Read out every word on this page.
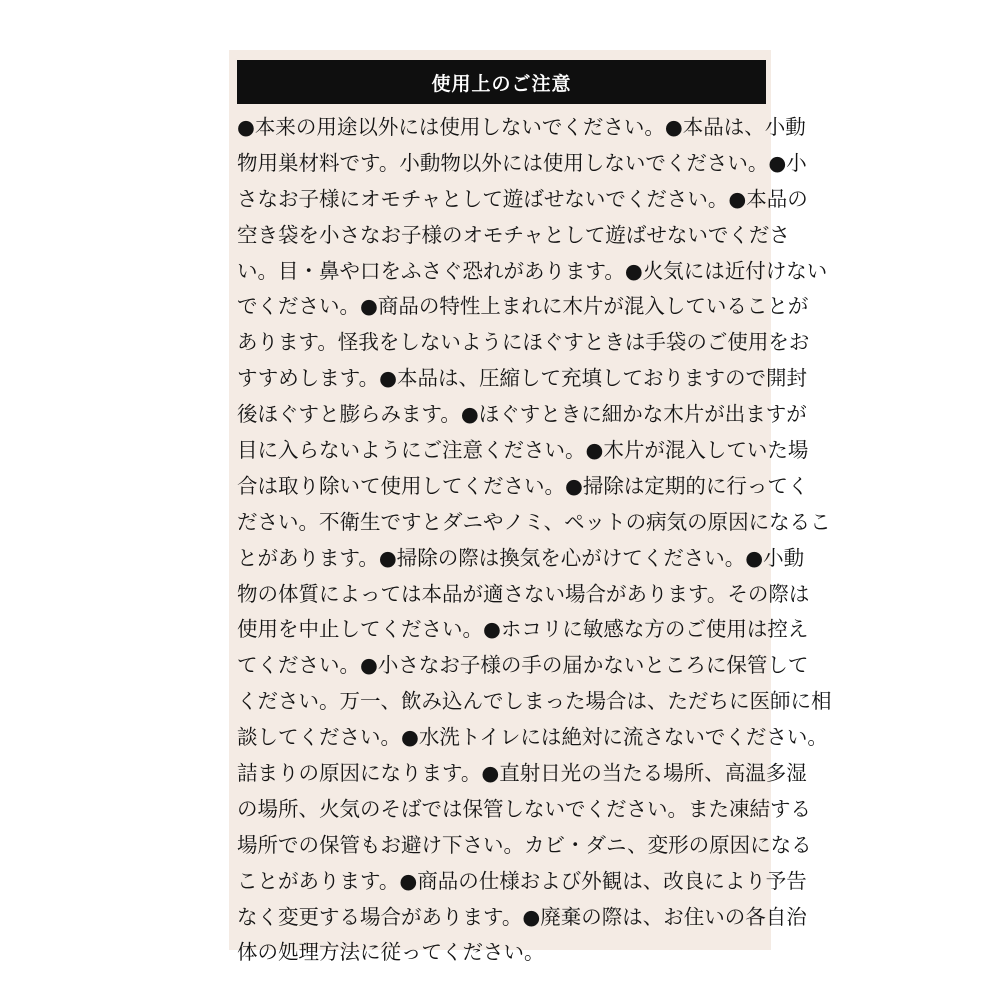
使用上のご注意
●本来の用途以外には使用しないでください。●本品は、小動
物用巣材料です。小動物以外には使用しないでください。●小
さなお子様にオモチャとして遊ばせないでください。●本品の
空き袋を小さなお子様のオモチャとして遊ばせないでくださ
い。目・鼻や口をふさぐ恐れがあります。●火気には近付けない
でください。●商品の特性上まれに木片が混入していることが
あります。怪我をしないようにほぐすときは手袋のご使用をお
すすめします。●本品は、圧縮して充填しておりますので開封
後ほぐすと膨らみます。●ほぐすときに細かな木片が出ますが
目に入らないようにご注意ください。●木片が混入していた場
合は取り除いて使用してください。●掃除は定期的に行ってく
ださい。不衛生ですとダニやノミ、ペットの病気の原因になるこ
とがあります。●掃除の際は換気を心がけてください。●小動
物の体質によっては本品が適さない場合があります。その際は
使用を中止してください。●ホコリに敏感な方のご使用は控え
てください。●小さなお子様の手の届かないところに保管して
ください。万一、飲み込んでしまった場合は、ただちに医師に相
談してください。●水洗トイレには絶対に流さないでください。
詰まりの原因になります。●直射日光の当たる場所、高温多湿
の場所、火気のそばでは保管しないでください。また凍結する
場所での保管もお避け下さい。カビ・ダニ、変形の原因になる
ことがあります。●商品の仕様および外観は、改良により予告
なく変更する場合があります。●廃棄の際は、お住いの各自治
体の処理方法に従ってください。
